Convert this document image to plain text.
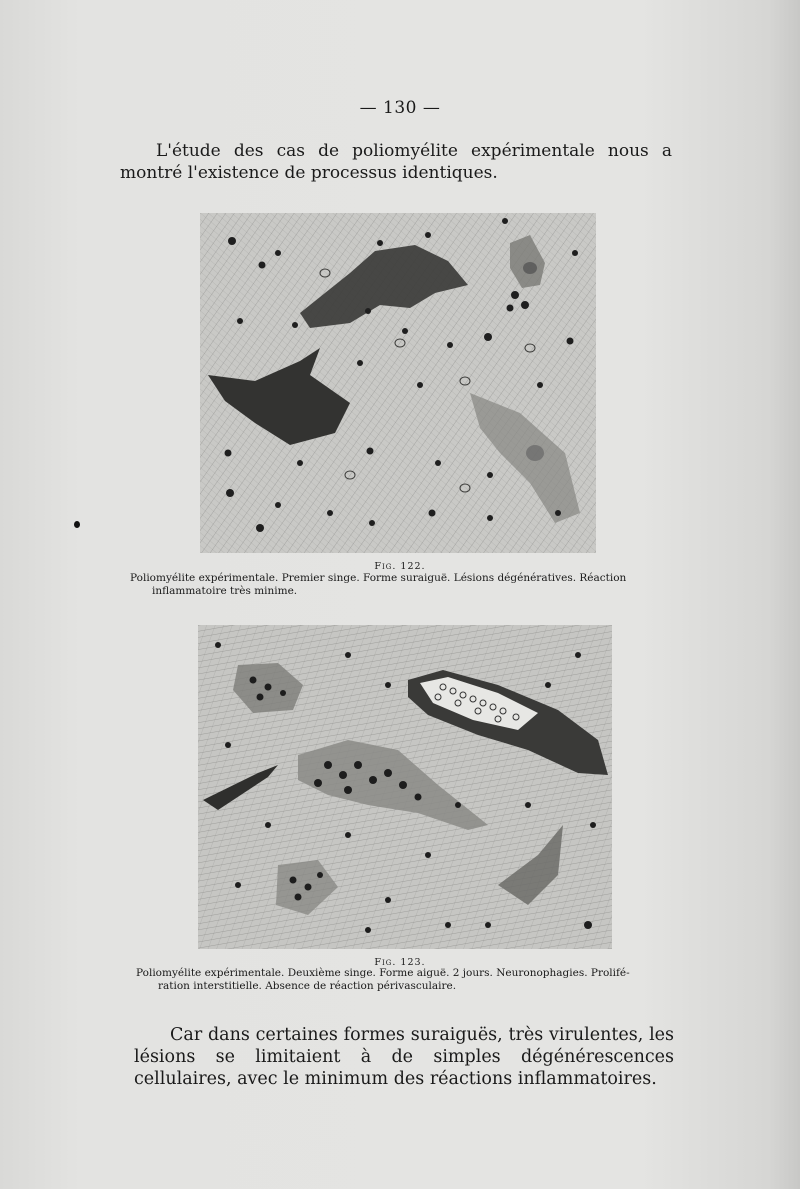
— 130 —

L'étude des cas de poliomyélite expérimentale nous a montré l'existence de processus identiques.

Fig. 122.
Poliomyélite expérimentale. Premier singe. Forme suraiguë. Lésions dégénératives. Réaction
inflammatoire très minime.
Fig. 123.
Poliomyélite expérimentale. Deuxième singe. Forme aiguë. 2 jours. Neuronophagies. Prolifé-
ration interstitielle. Absence de réaction périvasculaire.

Car dans certaines formes suraiguës, très virulentes, les lésions se limitaient à de simples dégénérescences cellulaires, avec le minimum des réactions inflammatoires.
